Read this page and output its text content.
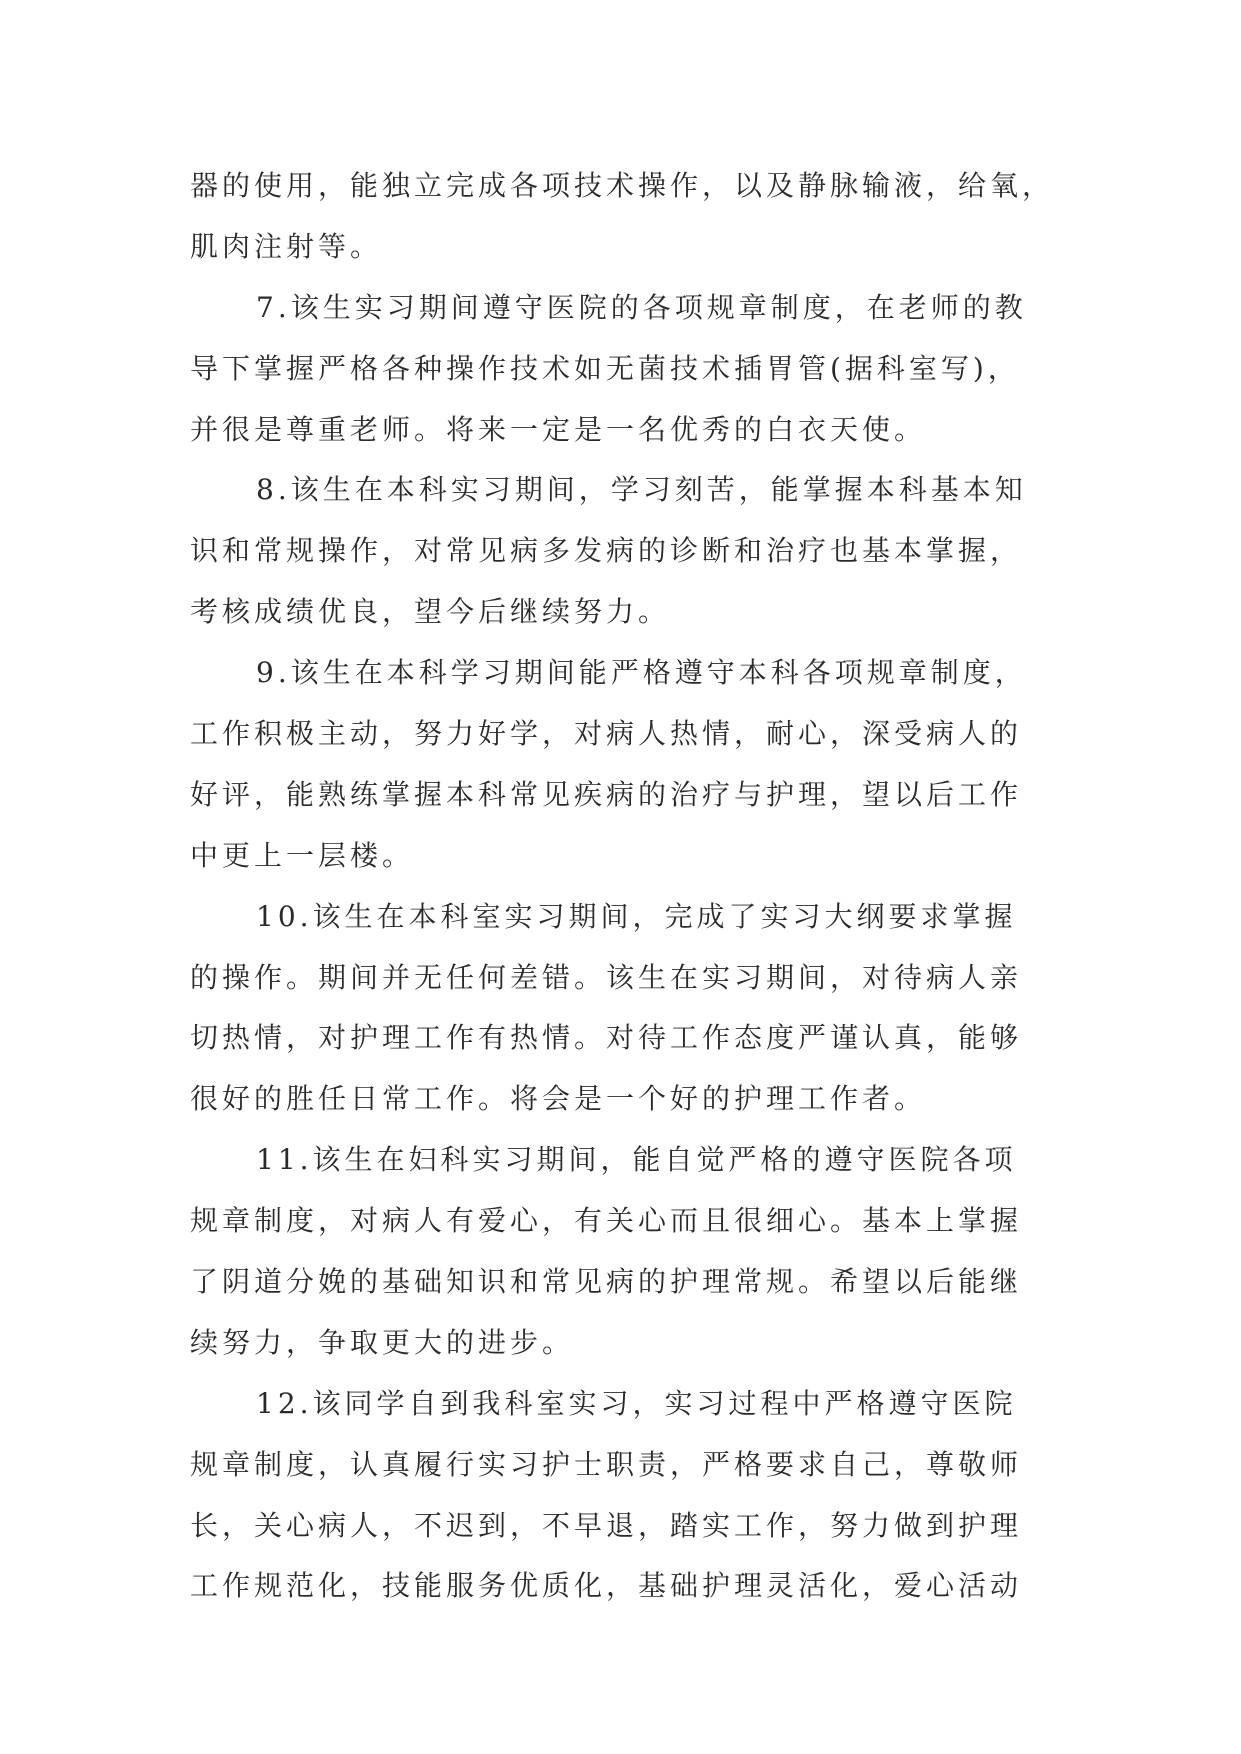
器的使用，能独立完成各项技术操作，以及静脉输液，给氧，
肌肉注射等。
7.该生实习期间遵守医院的各项规章制度，在老师的教
导下掌握严格各种操作技术如无菌技术插胃管(据科室写)，
并很是尊重老师。将来一定是一名优秀的白衣天使。
8.该生在本科实习期间，学习刻苦，能掌握本科基本知
识和常规操作，对常见病多发病的诊断和治疗也基本掌握，
考核成绩优良，望今后继续努力。
9.该生在本科学习期间能严格遵守本科各项规章制度，
工作积极主动，努力好学，对病人热情，耐心，深受病人的
好评，能熟练掌握本科常见疾病的治疗与护理，望以后工作
中更上一层楼。
10.该生在本科室实习期间，完成了实习大纲要求掌握
的操作。期间并无任何差错。该生在实习期间，对待病人亲
切热情，对护理工作有热情。对待工作态度严谨认真，能够
很好的胜任日常工作。将会是一个好的护理工作者。
11.该生在妇科实习期间，能自觉严格的遵守医院各项
规章制度，对病人有爱心，有关心而且很细心。基本上掌握
了阴道分娩的基础知识和常见病的护理常规。希望以后能继
续努力，争取更大的进步。
12.该同学自到我科室实习，实习过程中严格遵守医院
规章制度，认真履行实习护士职责，严格要求自己，尊敬师
长，关心病人，不迟到，不早退，踏实工作，努力做到护理
工作规范化，技能服务优质化，基础护理灵活化，爱心活动
